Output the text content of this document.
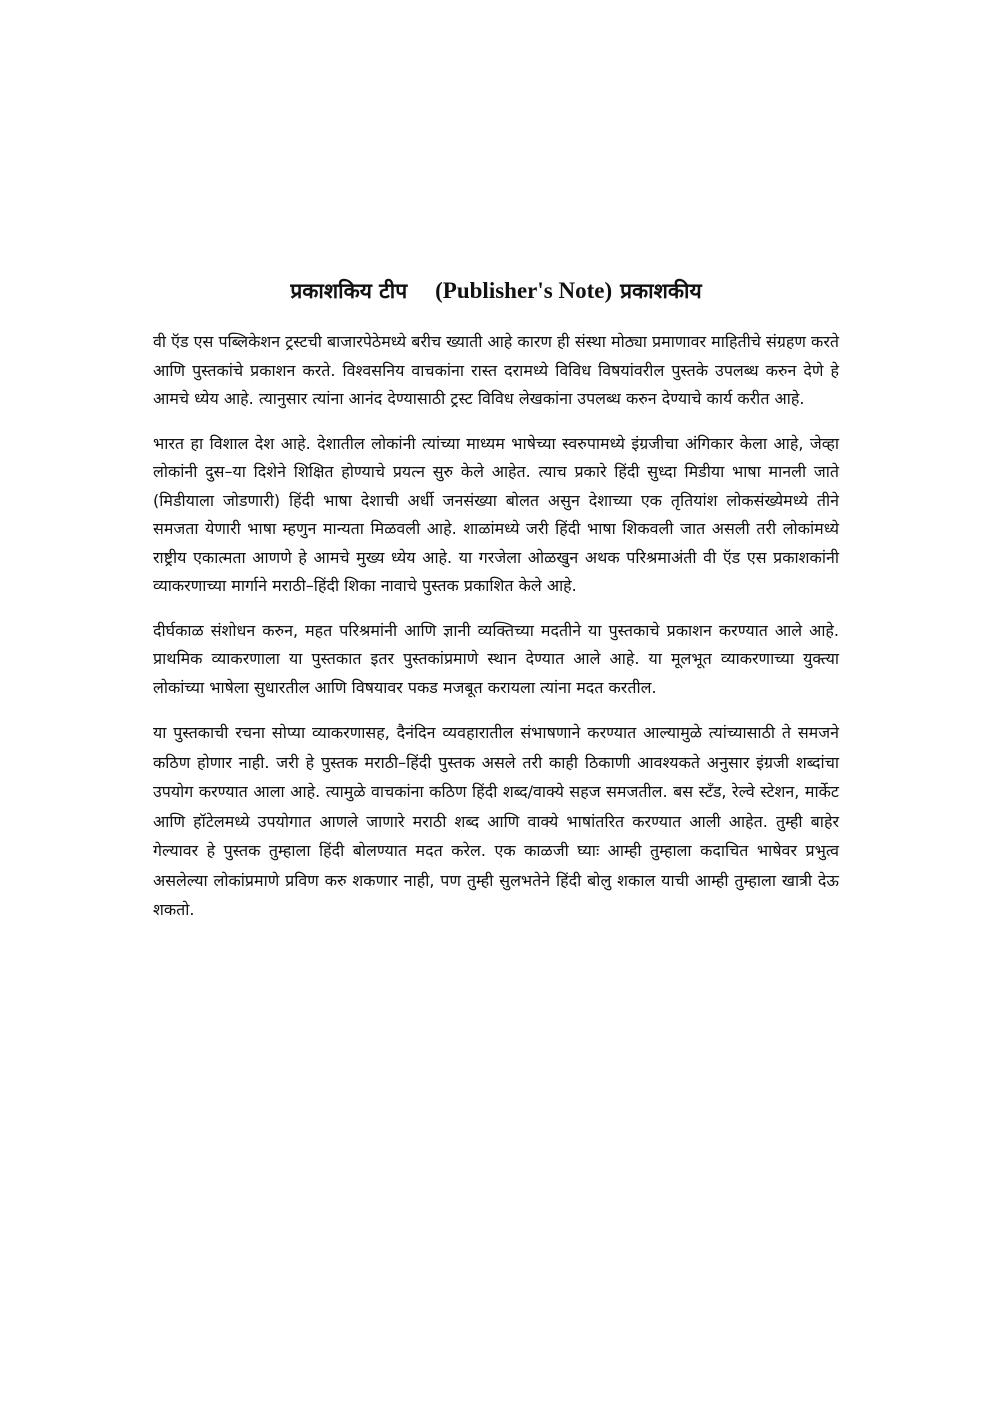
प्रकाशकिय टीप (Publisher's Note) प्रकाशकीय

वी ऍड एस पब्लिकेशन ट्रस्टची बाजारपेठेमध्ये बरीच ख्याती आहे कारण ही संस्था मोठ्या प्रमाणावर माहितीचे संग्रहण करते आणि पुस्तकांचे प्रकाशन करते. विश्वसनिय वाचकांना रास्त दरामध्ये विविध विषयांवरील पुस्तके उपलब्ध करुन देणे हे आमचे ध्येय आहे. त्यानुसार त्यांना आनंद देण्यासाठी ट्रस्ट विविध लेखकांना उपलब्ध करुन देण्याचे कार्य करीत आहे.

भारत हा विशाल देश आहे. देशातील लोकांनी त्यांच्या माध्यम भाषेच्या स्वरुपामध्ये इंग्रजीचा अंगिकार केला आहे, जेव्हा लोकांनी दुस–या दिशेने शिक्षित होण्याचे प्रयत्न सुरु केले आहेत. त्याच प्रकारे हिंदी सुध्दा मिडीया भाषा मानली जाते (मिडीयाला जोडणारी) हिंदी भाषा देशाची अर्धी जनसंख्या बोलत असुन देशाच्या एक तृतियांश लोकसंख्येमध्ये तीने समजता येणारी भाषा म्हणुन मान्यता मिळवली आहे. शाळांमध्ये जरी हिंदी भाषा शिकवली जात असली तरी लोकांमध्ये राष्ट्रीय एकात्मता आणणे हे आमचे मुख्य ध्येय आहे. या गरजेला ओळखुन अथक परिश्रमाअंती वी ऍड एस प्रकाशकांनी व्याकरणाच्या मार्गाने मराठी–हिंदी शिका नावाचे पुस्तक प्रकाशित केले आहे.

दीर्घकाळ संशोधन करुन, महत परिश्रमांनी आणि ज्ञानी व्यक्तिच्या मदतीने या पुस्तकाचे प्रकाशन करण्यात आले आहे. प्राथमिक व्याकरणाला या पुस्तकात इतर पुस्तकांप्रमाणे स्थान देण्यात आले आहे. या मूलभूत व्याकरणाच्या युक्त्या लोकांच्या भाषेला सुधारतील आणि विषयावर पकड मजबूत करायला त्यांना मदत करतील.

या पुस्तकाची रचना सोप्या व्याकरणासह, दैनंदिन व्यवहारातील संभाषणाने करण्यात आल्यामुळे त्यांच्यासाठी ते समजने कठिण होणार नाही. जरी हे पुस्तक मराठी–हिंदी पुस्तक असले तरी काही ठिकाणी आवश्यकते अनुसार इंग्रजी शब्दांचा उपयोग करण्यात आला आहे. त्यामुळे वाचकांना कठिण हिंदी शब्द/वाक्ये सहज समजतील. बस स्टॅंड, रेल्वे स्टेशन, मार्केट आणि हॉटेलमध्ये उपयोगात आणले जाणारे मराठी शब्द आणि वाक्ये भाषांतरित करण्यात आली आहेत. तुम्ही बाहेर गेल्यावर हे पुस्तक तुम्हाला हिंदी बोलण्यात मदत करेल. एक काळजी घ्याः आम्ही तुम्हाला कदाचित भाषेवर प्रभुत्व असलेल्या लोकांप्रमाणे प्रविण करु शकणार नाही, पण तुम्ही सुलभतेने हिंदी बोलु शकाल याची आम्ही तुम्हाला खात्री देऊ शकतो.
